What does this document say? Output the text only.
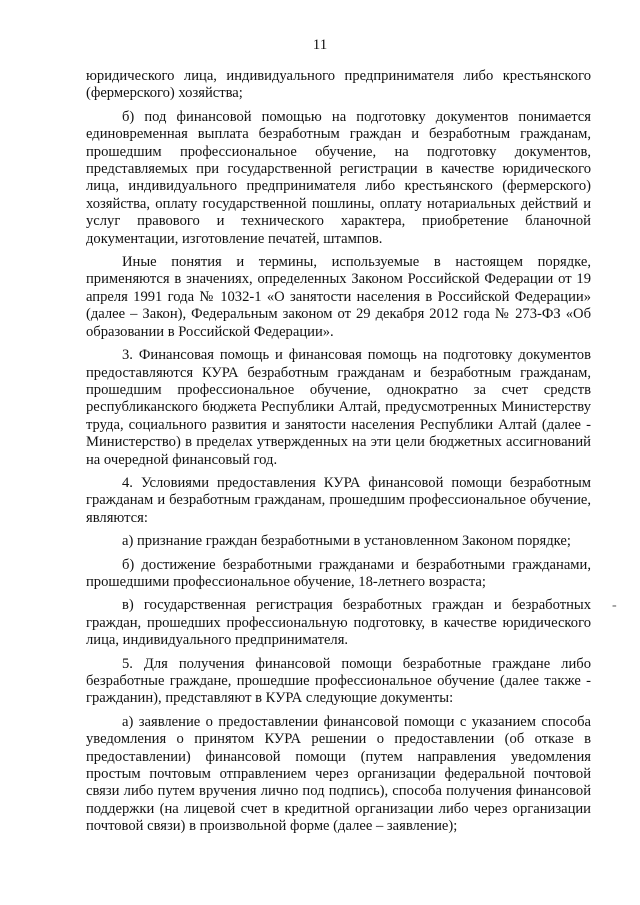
11

юридического лица, индивидуального предпринимателя либо крестьянского (фермерского) хозяйства;

б) под финансовой помощью на подготовку документов понимается единовременная выплата безработным граждан и безработным гражданам, прошедшим профессиональное обучение, на подготовку документов, представляемых при государственной регистрации в качестве юридического лица, индивидуального предпринимателя либо крестьянского (фермерского) хозяйства, оплату государственной пошлины, оплату нотариальных действий и услуг правового и технического характера, приобретение бланочной документации, изготовление печатей, штампов.

Иные понятия и термины, используемые в настоящем порядке, применяются в значениях, определенных Законом Российской Федерации от 19 апреля 1991 года № 1032-1 «О занятости населения в Российской Федерации» (далее – Закон), Федеральным законом от 29 декабря 2012 года № 273-ФЗ «Об образовании в Российской Федерации».

3. Финансовая помощь и финансовая помощь на подготовку документов предоставляются КУРА безработным гражданам и безработным гражданам, прошедшим профессиональное обучение, однократно за счет средств республиканского бюджета Республики Алтай, предусмотренных Министерству труда, социального развития и занятости населения Республики Алтай (далее - Министерство) в пределах утвержденных на эти цели бюджетных ассигнований на очередной финансовый год.

4. Условиями предоставления КУРА финансовой помощи безработным гражданам и безработным гражданам, прошедшим профессиональное обучение, являются:

а) признание граждан безработными в установленном Законом порядке;

б) достижение безработными гражданами и безработными гражданами, прошедшими профессиональное обучение, 18-летнего возраста;

в) государственная регистрация безработных граждан и безработных граждан, прошедших профессиональную подготовку, в качестве юридического лица, индивидуального предпринимателя.

5. Для получения финансовой помощи безработные граждане либо безработные граждане, прошедшие профессиональное обучение (далее также - гражданин), представляют в КУРА следующие документы:

а) заявление о предоставлении финансовой помощи с указанием способа уведомления о принятом КУРА решении о предоставлении (об отказе в предоставлении) финансовой помощи (путем направления уведомления простым почтовым отправлением через организации федеральной почтовой связи либо путем вручения лично под подпись), способа получения финансовой поддержки (на лицевой счет в кредитной организации либо через организации почтовой связи) в произвольной форме (далее – заявление);

-
